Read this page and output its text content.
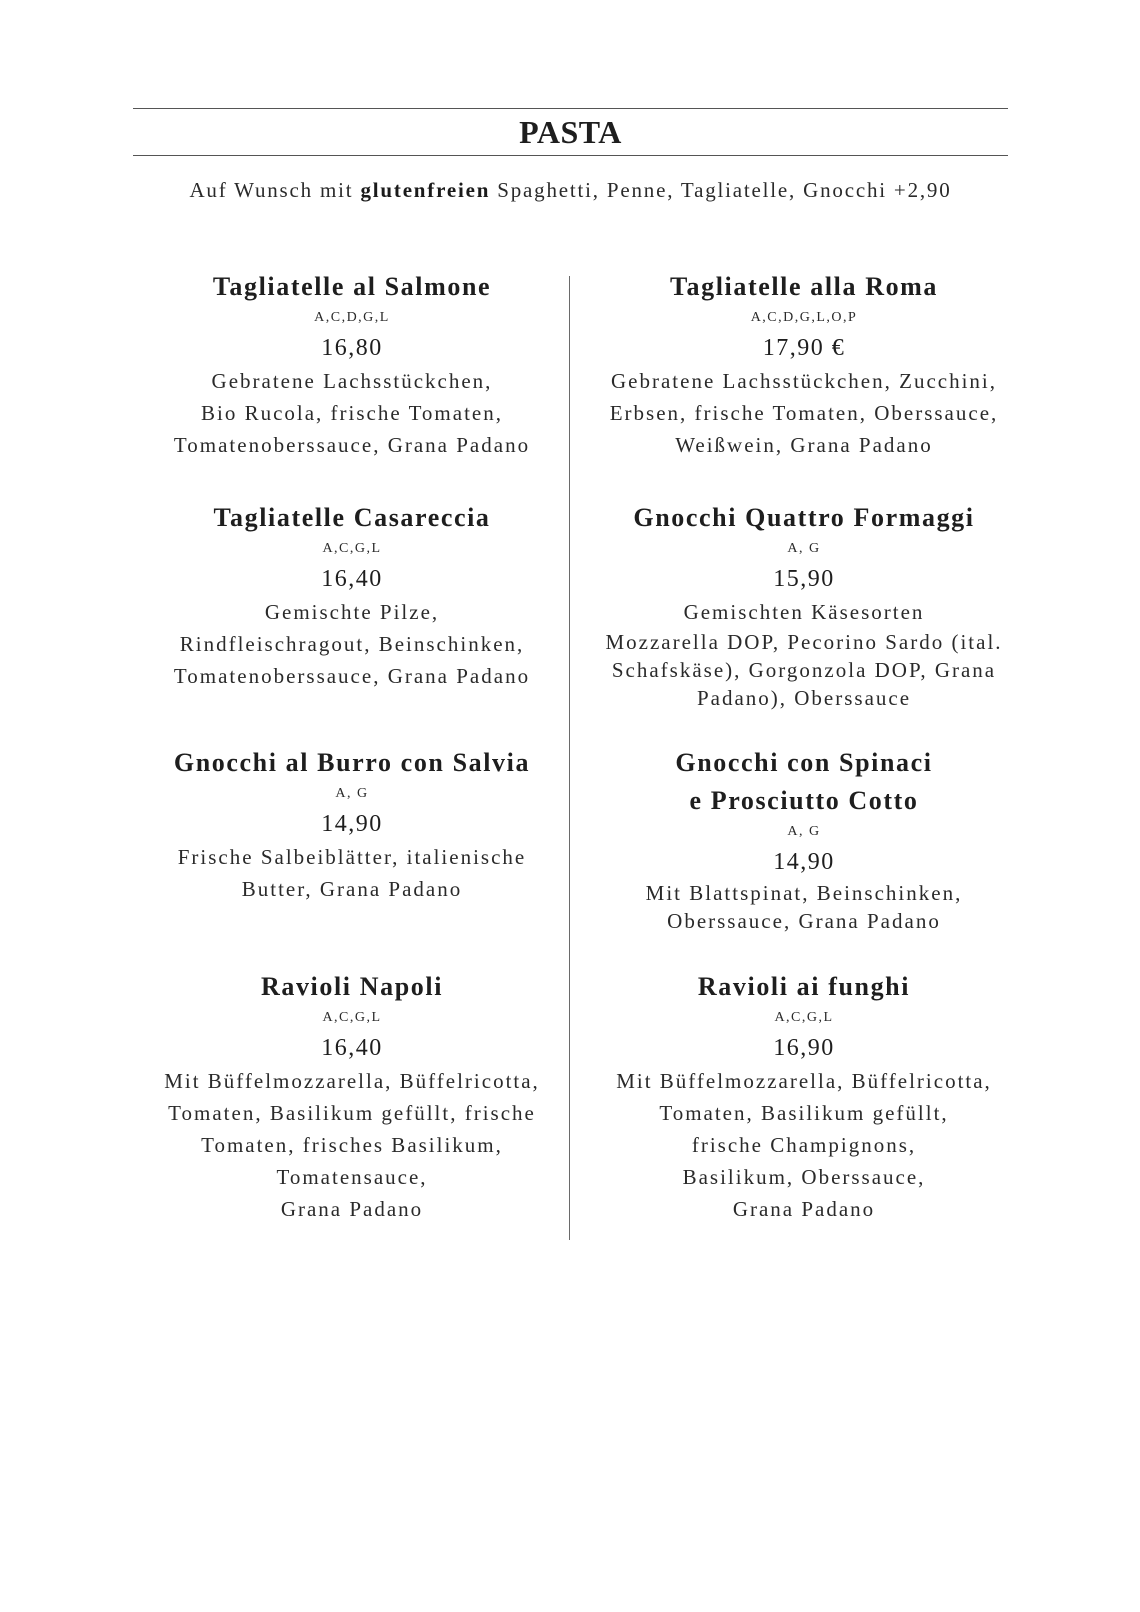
PASTA

Auf Wunsch mit glutenfreien Spaghetti, Penne, Tagliatelle, Gnocchi +2,90

Tagliatelle al Salmone

A,C,D,G,L

16,80

Gebratene Lachsstückchen,
Bio Rucola, frische Tomaten,
Tomatenoberssauce, Grana Padano

Tagliatelle Casareccia

A,C,G,L

16,40

Gemischte Pilze,
Rindfleischragout, Beinschinken,
Tomatenoberssauce, Grana Padano

Gnocchi al Burro con Salvia

A, G

14,90

Frische Salbeiblätter, italienische
Butter, Grana Padano

Ravioli Napoli

A,C,G,L

16,40

Mit Büffelmozzarella, Büffelricotta,
Tomaten, Basilikum gefüllt, frische
Tomaten, frisches Basilikum,
Tomatensauce,
Grana Padano

Tagliatelle alla Roma

A,C,D,G,L,O,P

17,90 €

Gebratene Lachsstückchen, Zucchini,
Erbsen, frische Tomaten, Oberssauce,
Weißwein, Grana Padano

Gnocchi Quattro Formaggi

A, G

15,90

Gemischten Käsesorten

Mozzarella DOP, Pecorino Sardo (ital.
Schafskäse), Gorgonzola DOP, Grana
Padano), Oberssauce

Gnocchi con Spinaci

e Prosciutto Cotto

A, G

14,90

Mit Blattspinat, Beinschinken,
Oberssauce, Grana Padano

Ravioli ai funghi

A,C,G,L

16,90

Mit Büffelmozzarella, Büffelricotta,
Tomaten, Basilikum gefüllt,
frische Champignons,
Basilikum, Oberssauce,
Grana Padano
